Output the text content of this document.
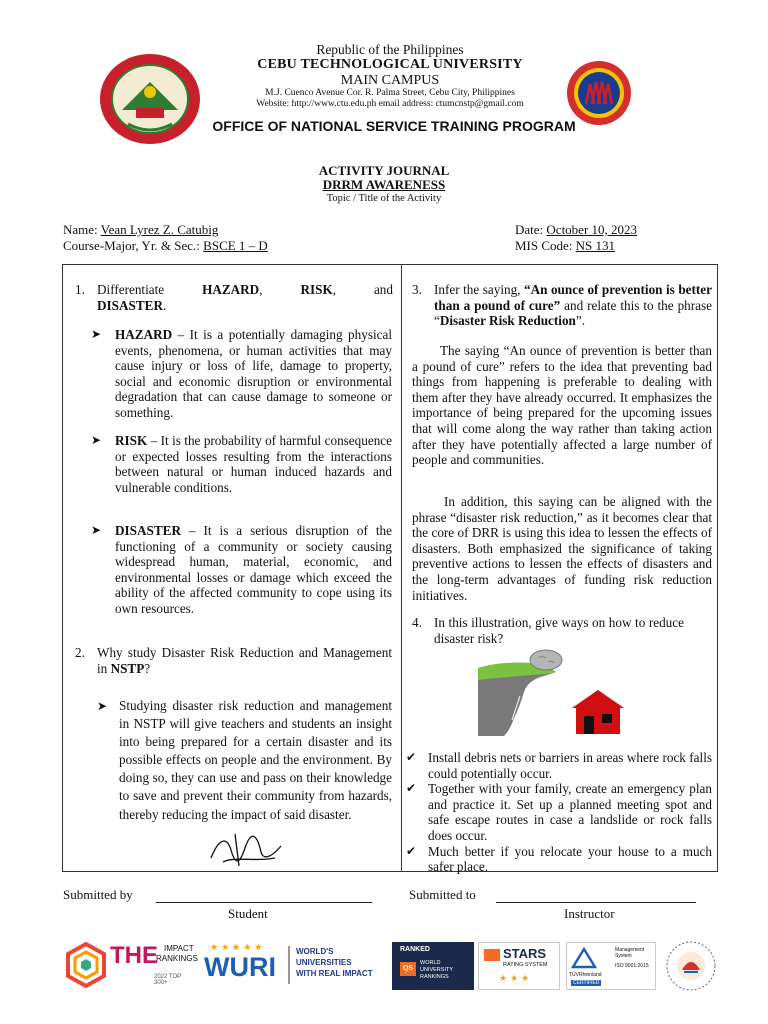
Republic of the Philippines
CEBU TECHNOLOGICAL UNIVERSITY
MAIN CAMPUS
M.J. Cuenco Avenue Cor. R. Palma Street, Cebu City, Philippines
Website: http://www.ctu.edu.ph email address: ctumcnstp@gmail.com
OFFICE OF NATIONAL SERVICE TRAINING PROGRAM
ACTIVITY JOURNAL
DRRM AWARENESS
Topic / Title of the Activity
Name: Vean Lyrez Z. Catubig
Course-Major, Yr. & Sec.: BSCE 1 – D
Date: October 10, 2023
MIS Code: NS 131
1. Differentiate	HAZARD,	RISK,	and
DISASTER.
➤ HAZARD – It is a potentially damaging physical events, phenomena, or human activities that may cause injury or loss of life, damage to property, social and economic disruption or environmental degradation that can cause damage to someone or something.
➤ RISK – It is the probability of harmful consequence or expected losses resulting from the interactions between natural or human induced hazards and vulnerable conditions.
➤ DISASTER – It is a serious disruption of the functioning of a community or society causing widespread human, material, economic, and environmental losses or damage which exceed the ability of the affected community to cope using its own resources.
2. Why study Disaster Risk Reduction and Management in NSTP?
➤ Studying disaster risk reduction and management in NSTP will give teachers and students an insight into being prepared for a certain disaster and its possible effects on people and the environment. By doing so, they can use and pass on their knowledge to save and prevent their community from hazards, thereby reducing the impact of said disaster.
3. Infer the saying, “An ounce of prevention is better than a pound of cure” and relate this to the phrase “Disaster Risk Reduction”.
The saying “An ounce of prevention is better than a pound of cure” refers to the idea that preventing bad things from happening is preferable to dealing with them after they have already occurred. It emphasizes the importance of being prepared for the upcoming issues that will come along the way rather than taking action after they have potentially affected a large number of people and communities.
In addition, this saying can be aligned with the phrase “disaster risk reduction,” as it becomes clear that the core of DRR is using this idea to lessen the effects of disasters. Both emphasized the significance of taking preventive actions to lessen the effects of disasters and the long-term advantages of funding risk reduction initiatives.
4. In this illustration, give ways on how to reduce disaster risk?
✔ Install debris nets or barriers in areas where rock falls could potentially occur.
✔ Together with your family, create an emergency plan and practice it. Set up a planned meeting spot and safe escape routes in case a landslide or rock falls does occur.
✔ Much better if you relocate your house to a much safer place.
Submitted by
Student
Submitted to
Instructor
THE IMPACT
RANKINGS
2022 TOP 300+
★★★★★
WURI
WORLD'S
UNIVERSITIES
WITH REAL IMPACT
RANKED
QS
WORLD UNIVERSITY RANKINGS
STARS
RATING SYSTEM
★★★	TÜVRheinland
CERTIFIED
Management System
ISO 9001:2015
